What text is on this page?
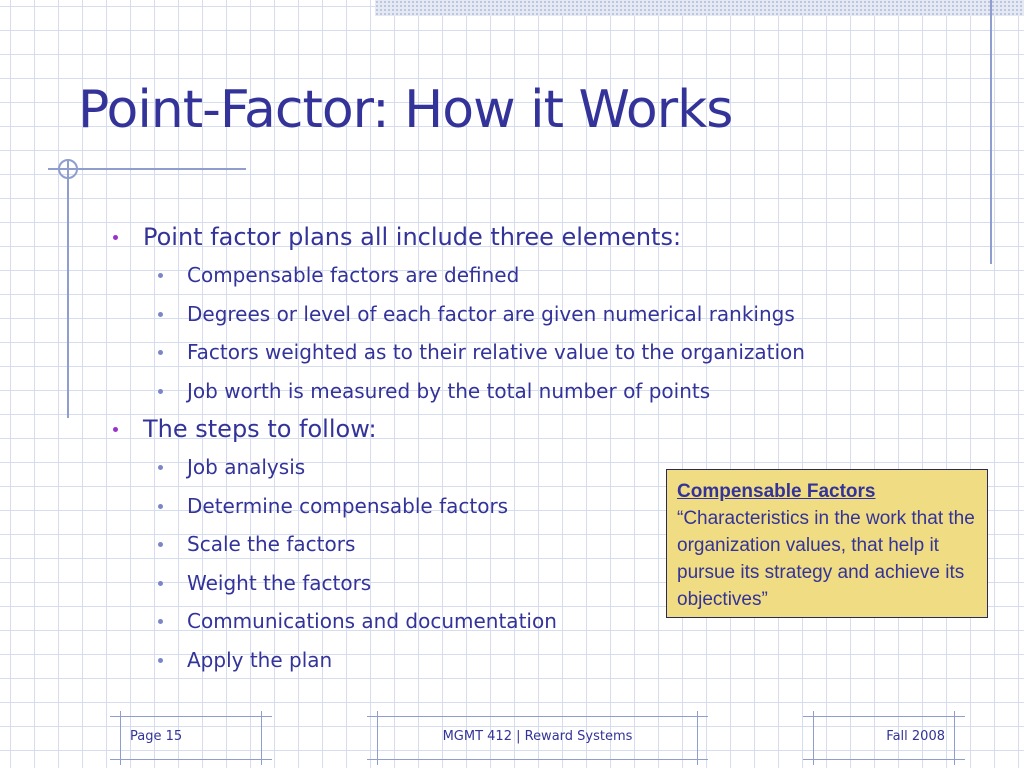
Point-Factor: How it Works
Point factor plans all include three elements:
Compensable factors are defined
Degrees or level of each factor are given numerical rankings
Factors weighted as to their relative value to the organization
Job worth is measured by the total number of points
The steps to follow:
Job analysis
Determine compensable factors
Scale the factors
Weight the factors
Communications and documentation
Apply the plan
Compensable Factors
“Characteristics in the work that the organization values, that help it pursue its strategy and achieve its objectives”
Page 15	MGMT 412 | Reward Systems	Fall 2008
